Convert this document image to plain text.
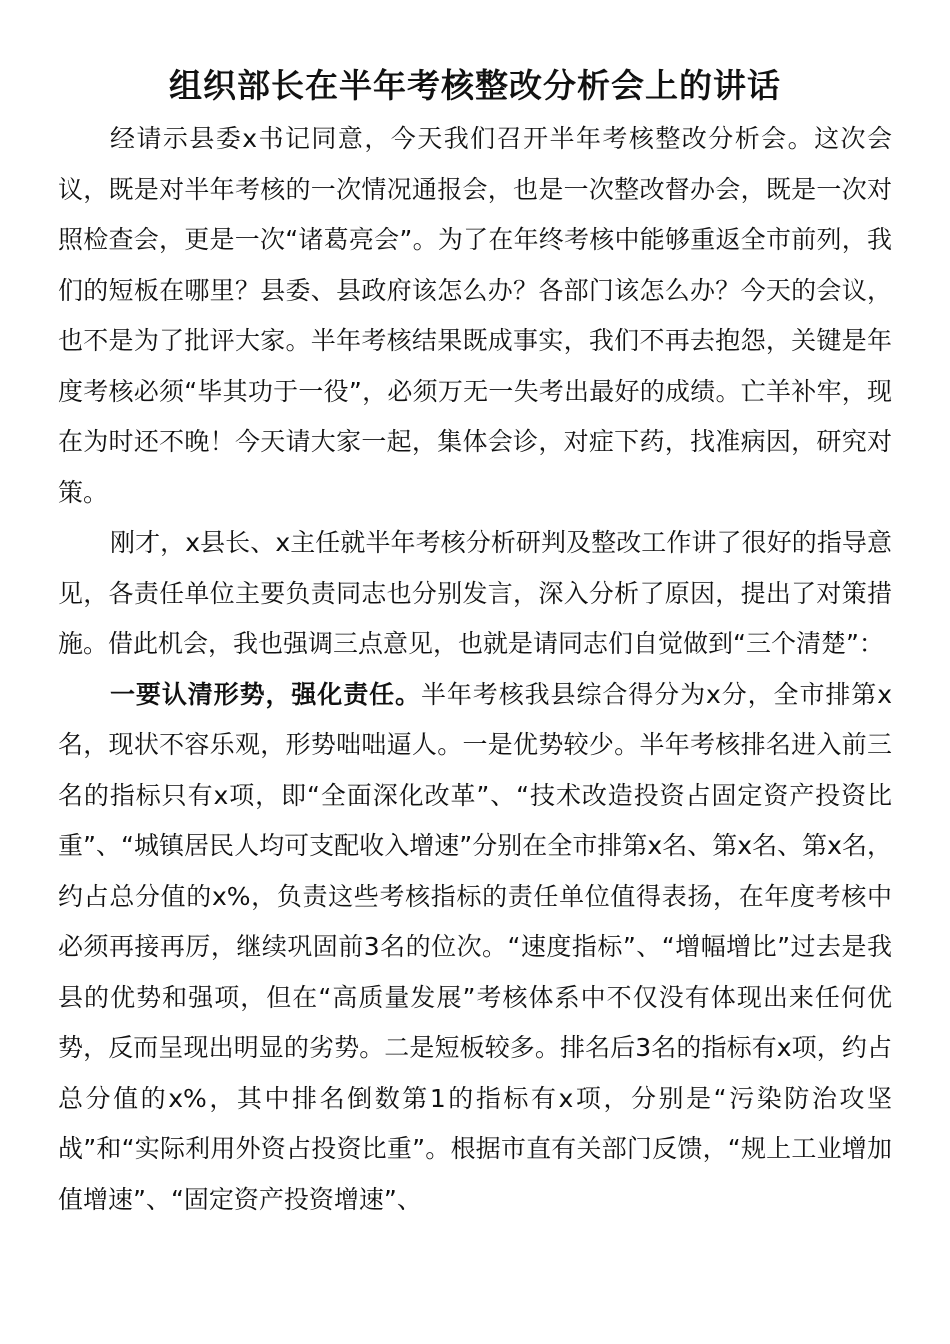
组织部长在半年考核整改分析会上的讲话

经请示县委x书记同意，今天我们召开半年考核整改分析会。这次会议，既是对半年考核的一次情况通报会，也是一次整改督办会，既是一次对照检查会，更是一次“诸葛亮会”。为了在年终考核中能够重返全市前列，我们的短板在哪里？县委、县政府该怎么办？各部门该怎么办？今天的会议，也不是为了批评大家。半年考核结果既成事实，我们不再去抱怨，关键是年度考核必须“毕其功于一役”，必须万无一失考出最好的成绩。亡羊补牢，现在为时还不晚！今天请大家一起，集体会诊，对症下药，找准病因，研究对策。

刚才，x县长、x主任就半年考核分析研判及整改工作讲了很好的指导意见，各责任单位主要负责同志也分别发言，深入分析了原因，提出了对策措施。借此机会，我也强调三点意见，也就是请同志们自觉做到“三个清楚”：

一要认清形势，强化责任。半年考核我县综合得分为x分，全市排第x名，现状不容乐观，形势咄咄逼人。一是优势较少。半年考核排名进入前三名的指标只有x项，即“全面深化改革”、“技术改造投资占固定资产投资比重”、“城镇居民人均可支配收入增速”分别在全市排第x名、第x名、第x名，约占总分值的x%，负责这些考核指标的责任单位值得表扬，在年度考核中必须再接再厉，继续巩固前3名的位次。“速度指标”、“增幅增比”过去是我县的优势和强项，但在“高质量发展”考核体系中不仅没有体现出来任何优势，反而呈现出明显的劣势。二是短板较多。排名后3名的指标有x项，约占总分值的x%，其中排名倒数第1的指标有x项，分别是“污染防治攻坚战”和“实际利用外资占投资比重”。根据市直有关部门反馈，“规上工业增加值增速”、“固定资产投资增速”、
